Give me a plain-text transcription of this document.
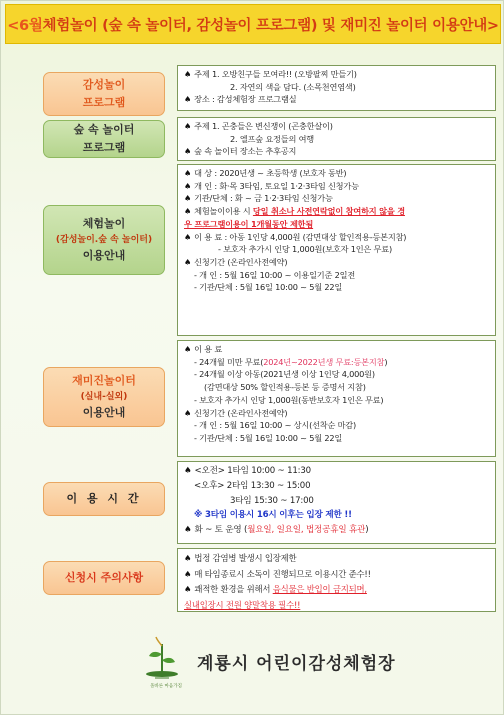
<6월 체험놀이 (숲 속 놀이터, 감성놀이 프로그램) 및 재미진 놀이터 이용안내>
감성놀이
프로그램
♠ 주제 1. 오방친구들 모여라!! (오방팔찌 만들기)
2. 자연의 색을 담다. (소목천연염색)
♠ 장소 : 감성체험장 프로그램실
숲 속 놀이터
프로그램
♠ 주제 1. 곤충들은 변신쟁이 (곤충한살이)
2. 엘프숲 요정들의 여행
♠ 숲 속 놀이터 장소는 추후공지
체험놀이
(감성놀이.숲 속 놀이터)
이용안내
♠ 대 상 : 2020년생 ~ 초등학생 (보호자 동반)
♠ 개 인 : 화·목 3타임, 토요일 1·2·3타임 신청가능
♠ 기관/단체 : 화 ~ 금 1·2·3타임 신청가능
♠ 체험놀이이용 시 당일 취소나 사전연락없이 참여하지 않을 경
우 프로그램이용이 1개월동안 제한됨
♠ 이 용 료 : 아동 1인당 4,000원 (감면대상 할인적용-등본지참)
- 보호자 추가시 인당 1,000원(보호자 1인은 무료)
♠ 신청기간 (온라인사전예약)
- 개 인 : 5월 16일 10:00 ~ 이용일기준 2일전
- 기관/단체 : 5월 16일 10:00 ~ 5월 22일
재미진놀이터
(실내-실외)
이용안내
♠ 이 용 료
- 24개월 미만 무료(2024년~2022년생 무료:등본지참)
- 24개월 이상 아동(2021년생 이상 1인당 4,000원)
(감면대상 50% 할인적용-등본 등 증명서 지참)
- 보호자 추가시 인당 1,000원(동반보호자 1인은 무료)
♠ 신청기간 (온라인사전예약)
- 개 인 : 5월 16일 10:00 ~ 상시(선착순 마감)
- 기관/단체 : 5월 16일 10:00 ~ 5월 22일
이 용 시 간
♠ <오전> 1타임 10:00 ~ 11:30
<오후> 2타임 13:30 ~ 15:00
3타임 15:30 ~ 17:00
※ 3타임 이용시 16시 이후는 입장 제한 !!
♠ 화 ~ 토 운영 (월요일, 일요일, 법정공휴일 휴관)
신청시 주의사항
♠ 법정 감염병 발생시 입장제한
♠ 매 타임종료시 소독이 진행되므로 이용시간 준수!!
♠ 쾌적한 환경을 위해서 음식물은 반입이 금지되며,
실내입장시 전원 양말착용 필수!!
올바른 마음가짐
계룡시 어린이감성체험장
